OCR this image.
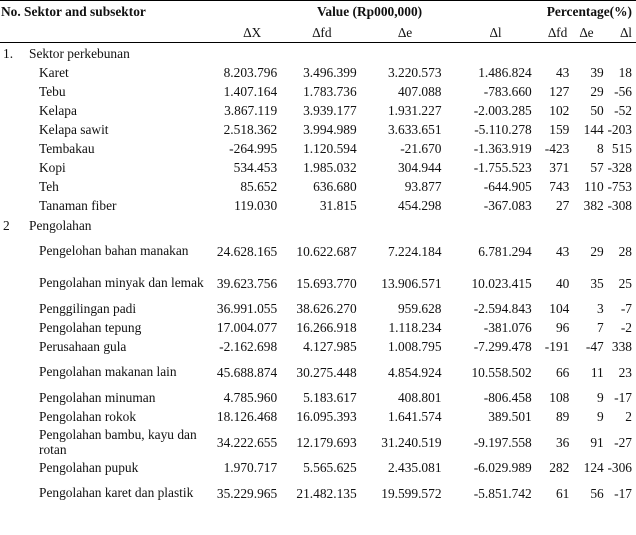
No. Sektor and subsektor		Value (Rp000,000)				Percentage(%)		
		∆X	∆fd	∆e	∆l	∆fd	∆e	∆l
1.	Sektor perkebunan							
	Karet	8.203.796	3.496.399	3.220.573	1.486.824	43	39	18
	Tebu	1.407.164	1.783.736	407.088	-783.660	127	29	-56
	Kelapa	3.867.119	3.939.177	1.931.227	-2.003.285	102	50	-52
	Kelapa sawit	2.518.362	3.994.989	3.633.651	-5.110.278	159	144	-203
	Tembakau	-264.995	1.120.594	-21.670	-1.363.919	-423	8	515
	Kopi	534.453	1.985.032	304.944	-1.755.523	371	57	-328
	Teh	85.652	636.680	93.877	-644.905	743	110	-753
	Tanaman fiber	119.030	31.815	454.298	-367.083	27	382	-308
2	Pengolahan							
	Pengelohan bahan manakan	24.628.165	10.622.687	7.224.184	6.781.294	43	29	28
	Pengolahan minyak dan lemak	39.623.756	15.693.770	13.906.571	10.023.415	40	35	25
	Penggilingan padi	36.991.055	38.626.270	959.628	-2.594.843	104	3	-7
	Pengolahan tepung	17.004.077	16.266.918	1.118.234	-381.076	96	7	-2
	Perusahaan gula	-2.162.698	4.127.985	1.008.795	-7.299.478	-191	-47	338
	Pengolahan makanan lain	45.688.874	30.275.448	4.854.924	10.558.502	66	11	23
	Pengolahan minuman	4.785.960	5.183.617	408.801	-806.458	108	9	-17
	Pengolahan rokok	18.126.468	16.095.393	1.641.574	389.501	89	9	2
	Pengolahan bambu, kayu dan rotan	34.222.655	12.179.693	31.240.519	-9.197.558	36	91	-27
	Pengolahan pupuk	1.970.717	5.565.625	2.435.081	-6.029.989	282	124	-306
	Pengolahan karet dan plastik	35.229.965	21.482.135	19.599.572	-5.851.742	61	56	-17
